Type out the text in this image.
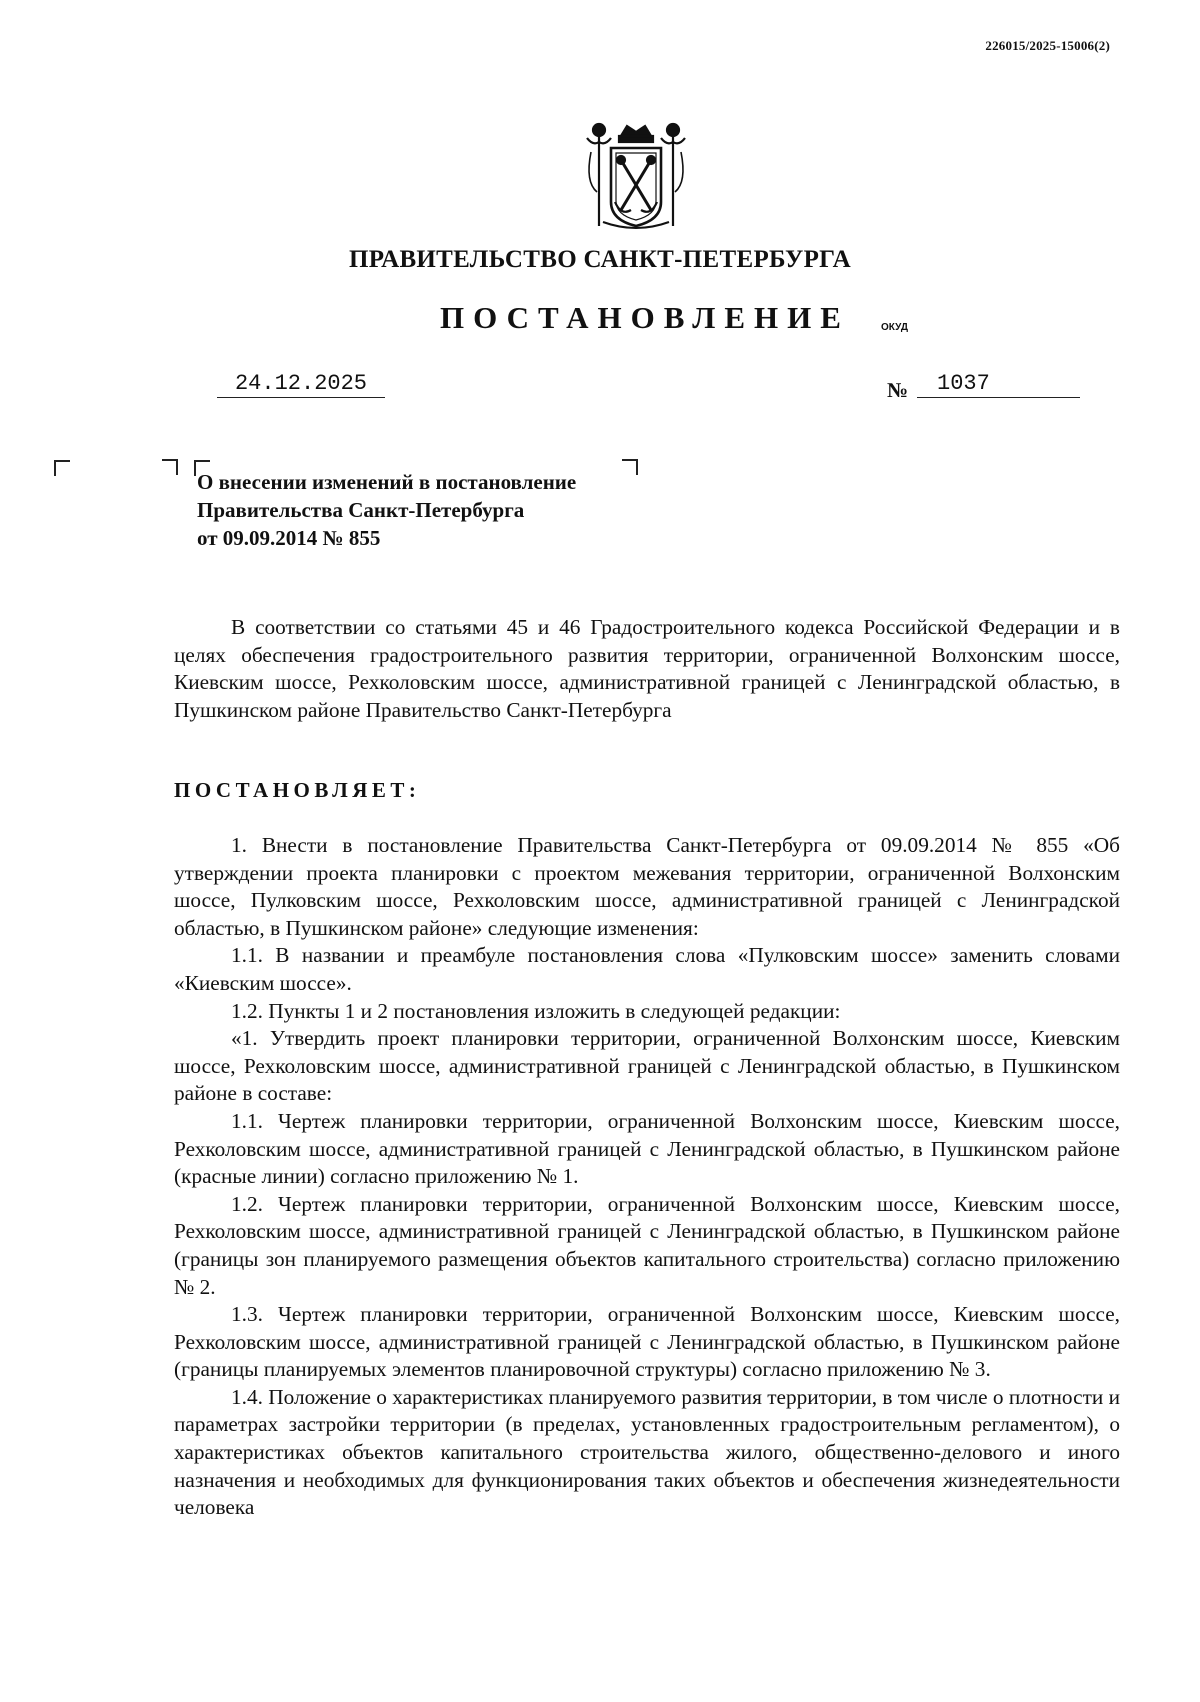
226015/2025-15006(2)
ПРАВИТЕЛЬСТВО САНКТ-ПЕТЕРБУРГА
ПОСТАНОВЛЕНИЕ	ОКУД
24.12.2025	№	1037
О внесении изменений в постановление
Правительства Санкт-Петербурга
от 09.09.2014 № 855

В соответствии со статьями 45 и 46 Градостроительного кодекса Российской Федерации и в целях обеспечения градостроительного развития территории, ограниченной Волхонским шоссе, Киевским шоссе, Рехколовским шоссе, административной границей с Ленинградской областью, в Пушкинском районе Правительство Санкт-Петербурга

ПОСТАНОВЛЯЕТ:

1. Внести в постановление Правительства Санкт-Петербурга от 09.09.2014 № 855 «Об утверждении проекта планировки с проектом межевания территории, ограниченной Волхонским шоссе, Пулковским шоссе, Рехколовским шоссе, административной границей с Ленинградской областью, в Пушкинском районе» следующие изменения:

1.1. В названии и преамбуле постановления слова «Пулковским шоссе» заменить словами «Киевским шоссе».

1.2. Пункты 1 и 2 постановления изложить в следующей редакции:

«1. Утвердить проект планировки территории, ограниченной Волхонским шоссе, Киевским шоссе, Рехколовским шоссе, административной границей с Ленинградской областью, в Пушкинском районе в составе:

1.1. Чертеж планировки территории, ограниченной Волхонским шоссе, Киевским шоссе, Рехколовским шоссе, административной границей с Ленинградской областью, в Пушкинском районе (красные линии) согласно приложению № 1.

1.2. Чертеж планировки территории, ограниченной Волхонским шоссе, Киевским шоссе, Рехколовским шоссе, административной границей с Ленинградской областью, в Пушкинском районе (границы зон планируемого размещения объектов капитального строительства) согласно приложению № 2.

1.3. Чертеж планировки территории, ограниченной Волхонским шоссе, Киевским шоссе, Рехколовским шоссе, административной границей с Ленинградской областью, в Пушкинском районе (границы планируемых элементов планировочной структуры) согласно приложению № 3.

1.4. Положение о характеристиках планируемого развития территории, в том числе о плотности и параметрах застройки территории (в пределах, установленных градостроительным регламентом), о характеристиках объектов капитального строительства жилого, общественно-делового и иного назначения и необходимых для функционирования таких объектов и обеспечения жизнедеятельности человека
